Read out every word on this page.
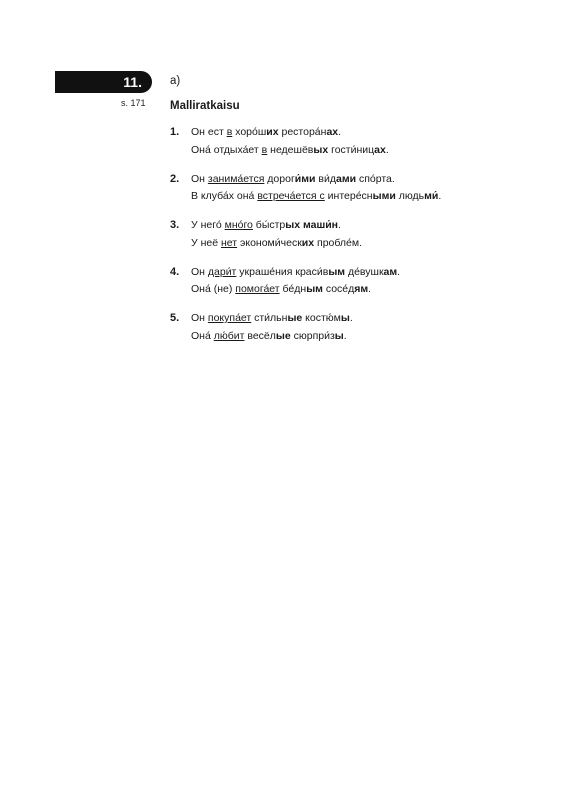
11.
s. 171
a)
Malliratkaisu
1.	Он ест в хоро́ших рестора́нах.
Она́ отдыха́ет в недешёвых гости́ницах.
2.	Он занима́ется дороги́ми ви́дами спо́рта.
В клуба́х она́ встреча́ется с интере́сными людьми́.
3.	У него́ мно́го бы́стрых маши́н.
У неё нет экономи́ческих пробле́м.
4.	Он дари́т украше́ния краси́вым де́вушкам.
Она́ (не) помога́ет бе́дным сосе́дям.
5.	Он покупа́ет сти́льные костю́мы.
Она́ лю́бит весёлые сюрпри́зы.
